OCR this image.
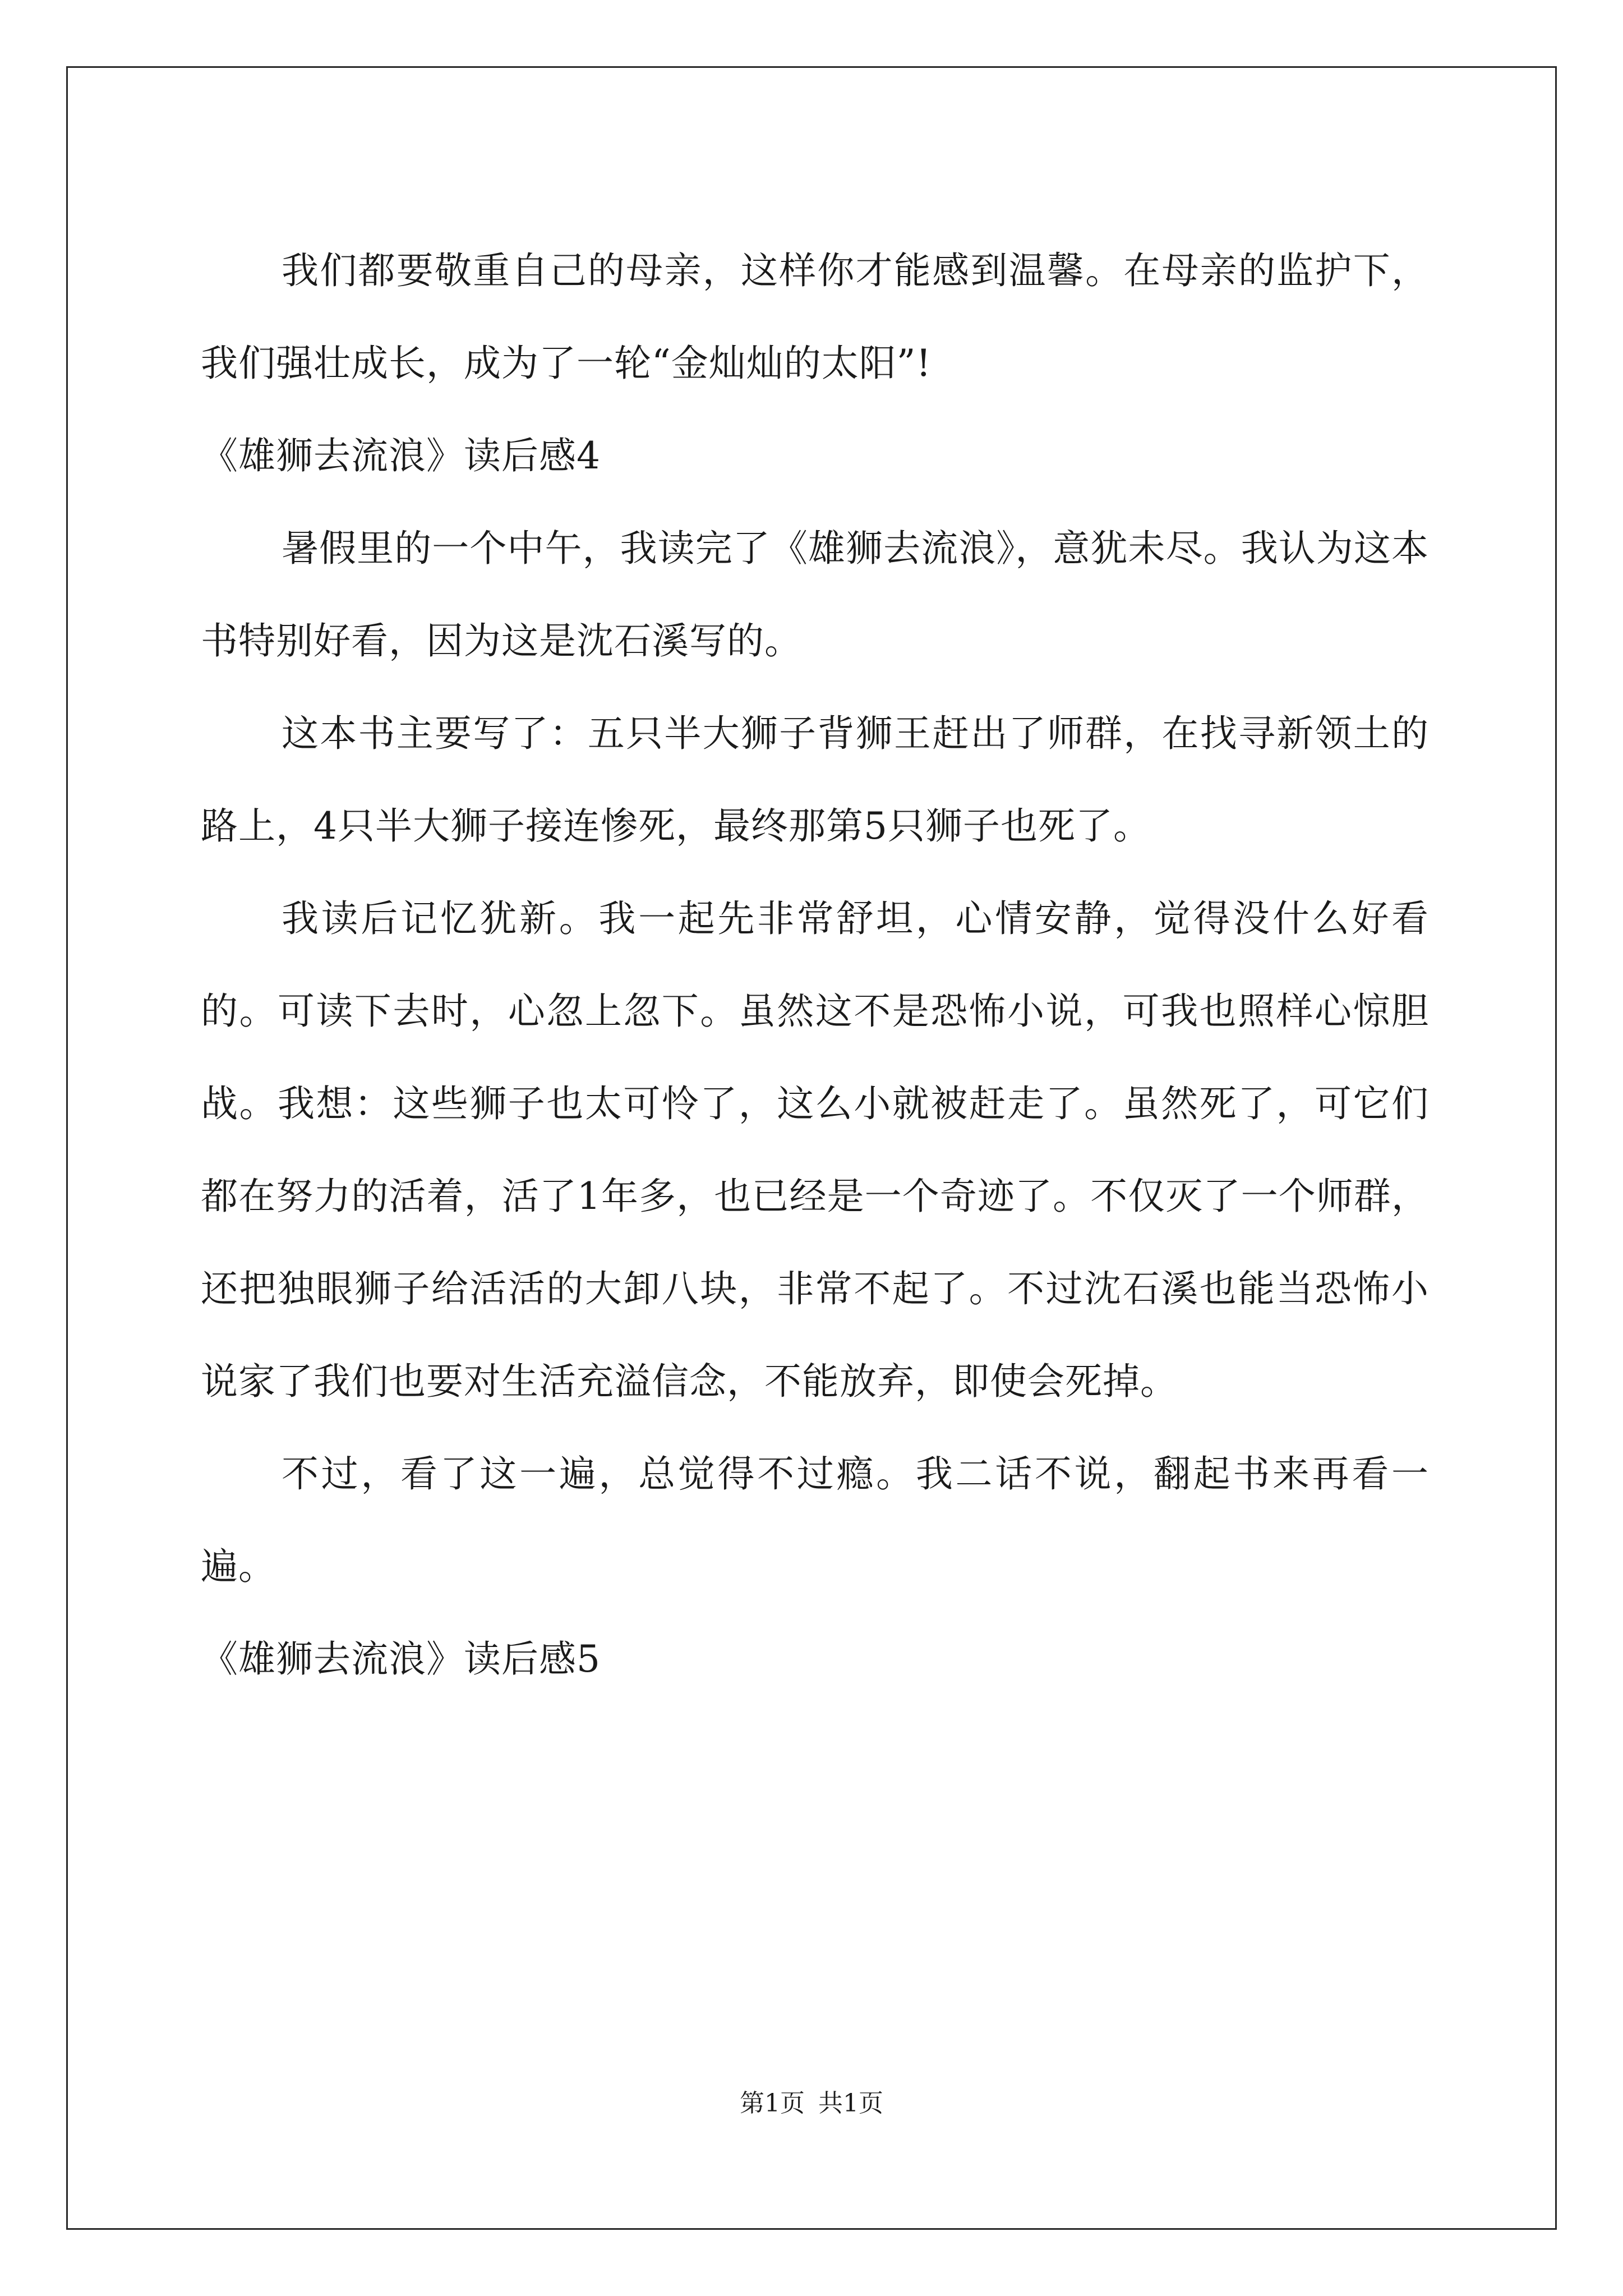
我们都要敬重自己的母亲，这样你才能感到温馨。在母亲的监护下，我们强壮成长，成为了一轮“金灿灿的太阳”!

《雄狮去流浪》读后感4

暑假里的一个中午，我读完了《雄狮去流浪》，意犹未尽。我认为这本书特别好看，因为这是沈石溪写的。

这本书主要写了：五只半大狮子背狮王赶出了师群，在找寻新领土的路上，4只半大狮子接连惨死，最终那第5只狮子也死了。

我读后记忆犹新。我一起先非常舒坦，心情安静，觉得没什么好看的。可读下去时，心忽上忽下。虽然这不是恐怖小说，可我也照样心惊胆战。我想：这些狮子也太可怜了，这么小就被赶走了。虽然死了，可它们都在努力的活着，活了1年多，也已经是一个奇迹了。不仅灭了一个师群，还把独眼狮子给活活的大卸八块，非常不起了。不过沈石溪也能当恐怖小说家了我们也要对生活充溢信念，不能放弃，即使会死掉。

不过，看了这一遍，总觉得不过瘾。我二话不说，翻起书来再看一遍。

《雄狮去流浪》读后感5

第1页 共1页
